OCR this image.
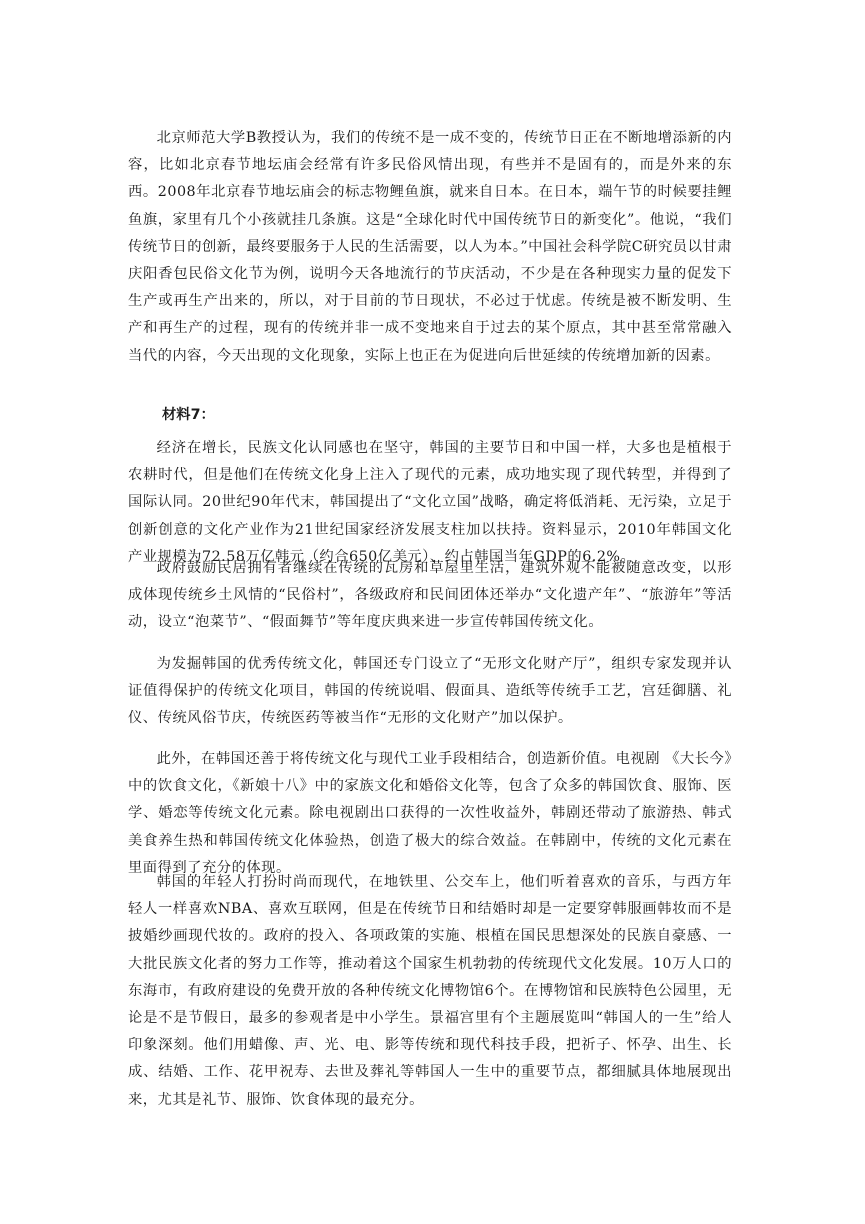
北京师范大学B教授认为，我们的传统不是一成不变的，传统节日正在不断地增添新的内容，比如北京春节地坛庙会经常有许多民俗风情出现，有些并不是固有的，而是外来的东西。2008年北京春节地坛庙会的标志物鲤鱼旗，就来自日本。在日本，端午节的时候要挂鲤鱼旗，家里有几个小孩就挂几条旗。这是“全球化时代中国传统节日的新变化”。他说，“我们传统节日的创新，最终要服务于人民的生活需要，以人为本。”中国社会科学院C研究员以甘肃庆阳香包民俗文化节为例，说明今天各地流行的节庆活动，不少是在各种现实力量的促发下生产或再生产出来的，所以，对于目前的节日现状，不必过于忧虑。传统是被不断发明、生产和再生产的过程，现有的传统并非一成不变地来自于过去的某个原点，其中甚至常常融入当代的内容，今天出现的文化现象，实际上也正在为促进向后世延续的传统增加新的因素。

材料7：

经济在增长，民族文化认同感也在坚守，韩国的主要节日和中国一样，大多也是植根于农耕时代，但是他们在传统文化身上注入了现代的元素，成功地实现了现代转型，并得到了国际认同。20世纪90年代末，韩国提出了“文化立国”战略，确定将低消耗、无污染，立足于创新创意的文化产业作为21世纪国家经济发展支柱加以扶持。资料显示，2010年韩国文化产业规模为72.58万亿韩元（约合650亿美元）、约占韩国当年GDP的6.2%。

政府鼓励民居拥有者继续在传统的瓦房和草屋里生活，建筑外观不能被随意改变，以形成体现传统乡土风情的“民俗村”，各级政府和民间团体还举办“文化遗产年”、“旅游年”等活动，设立“泡菜节”、“假面舞节”等年度庆典来进一步宣传韩国传统文化。

为发掘韩国的优秀传统文化，韩国还专门设立了“无形文化财产厅”，组织专家发现并认证值得保护的传统文化项目，韩国的传统说唱、假面具、造纸等传统手工艺，宫廷御膳、礼仪、传统风俗节庆，传统医药等被当作“无形的文化财产”加以保护。

此外，在韩国还善于将传统文化与现代工业手段相结合，创造新价值。电视剧 《大长今》中的饮食文化，《新娘十八》中的家族文化和婚俗文化等，包含了众多的韩国饮食、服饰、医学、婚恋等传统文化元素。除电视剧出口获得的一次性收益外，韩剧还带动了旅游热、韩式美食养生热和韩国传统文化体验热，创造了极大的综合效益。在韩剧中，传统的文化元素在里面得到了充分的体现。

韩国的年轻人打扮时尚而现代，在地铁里、公交车上，他们听着喜欢的音乐，与西方年轻人一样喜欢NBA、喜欢互联网，但是在传统节日和结婚时却是一定要穿韩服画韩妆而不是披婚纱画现代妆的。政府的投入、各项政策的实施、根植在国民思想深处的民族自豪感、一大批民族文化者的努力工作等，推动着这个国家生机勃勃的传统现代文化发展。10万人口的东海市，有政府建设的免费开放的各种传统文化博物馆6个。在博物馆和民族特色公园里，无论是不是节假日，最多的参观者是中小学生。景福宫里有个主题展览叫“韩国人的一生”给人印象深刻。他们用蜡像、声、光、电、影等传统和现代科技手段，把祈子、怀孕、出生、长成、结婚、工作、花甲祝寿、去世及葬礼等韩国人一生中的重要节点，都细腻具体地展现出来，尤其是礼节、服饰、饮食体现的最充分。
